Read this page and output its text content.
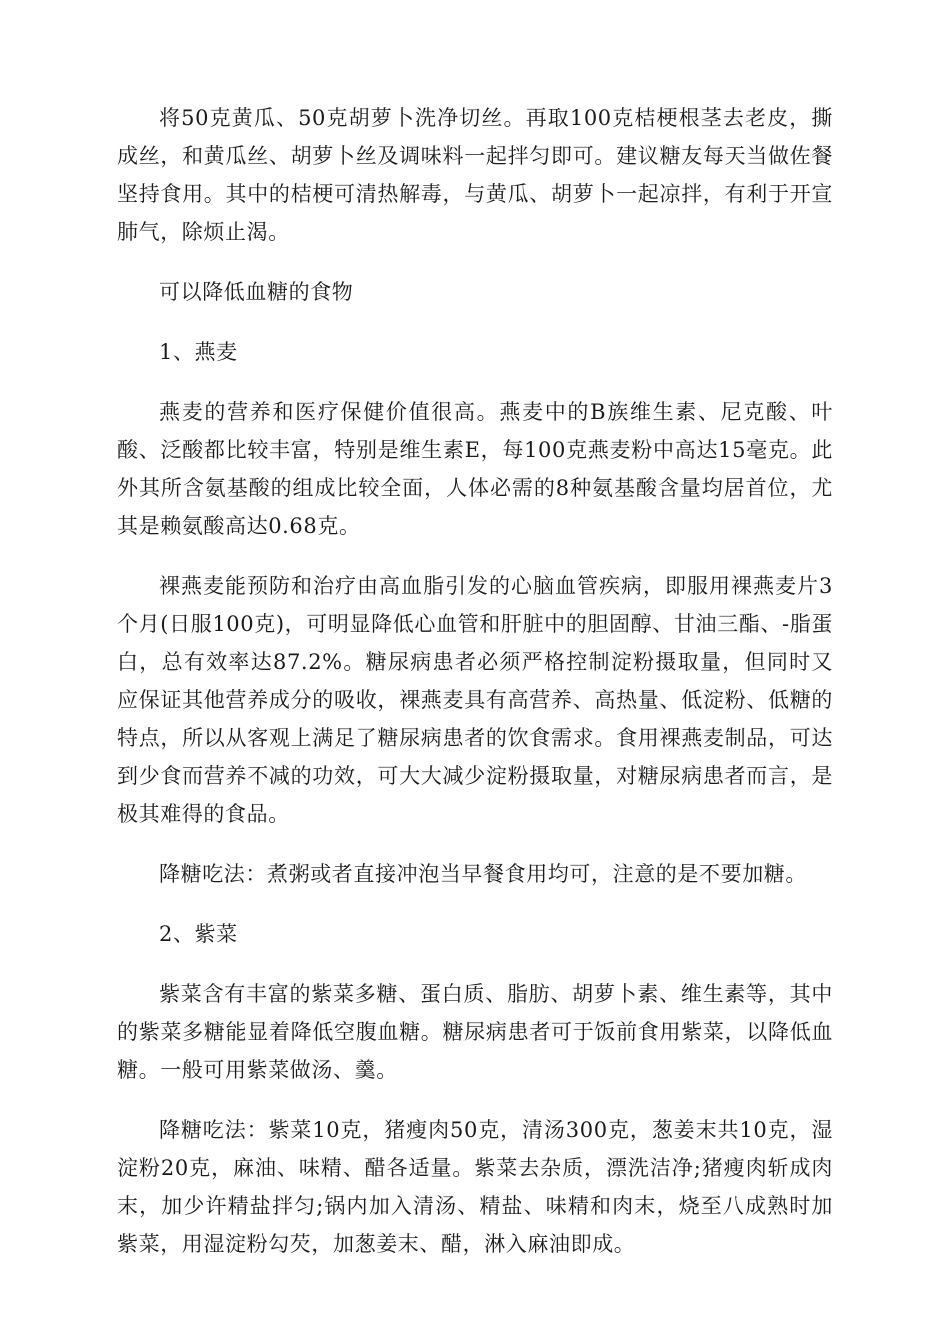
将50克黄瓜、50克胡萝卜洗净切丝。再取100克桔梗根茎去老皮，撕成丝，和黄瓜丝、胡萝卜丝及调味料一起拌匀即可。建议糖友每天当做佐餐坚持食用。其中的桔梗可清热解毒，与黄瓜、胡萝卜一起凉拌，有利于开宣肺气，除烦止渴。

可以降低血糖的食物

1、燕麦

燕麦的营养和医疗保健价值很高。燕麦中的B族维生素、尼克酸、叶酸、泛酸都比较丰富，特别是维生素E，每100克燕麦粉中高达15毫克。此外其所含氨基酸的组成比较全面，人体必需的8种氨基酸含量均居首位，尤其是赖氨酸高达0.68克。

裸燕麦能预防和治疗由高血脂引发的心脑血管疾病，即服用裸燕麦片3个月(日服100克)，可明显降低心血管和肝脏中的胆固醇、甘油三酯、-脂蛋白，总有效率达87.2%。糖尿病患者必须严格控制淀粉摄取量，但同时又应保证其他营养成分的吸收，裸燕麦具有高营养、高热量、低淀粉、低糖的特点，所以从客观上满足了糖尿病患者的饮食需求。食用裸燕麦制品，可达到少食而营养不减的功效，可大大减少淀粉摄取量，对糖尿病患者而言，是极其难得的食品。

降糖吃法：煮粥或者直接冲泡当早餐食用均可，注意的是不要加糖。

2、紫菜

紫菜含有丰富的紫菜多糖、蛋白质、脂肪、胡萝卜素、维生素等，其中的紫菜多糖能显着降低空腹血糖。糖尿病患者可于饭前食用紫菜，以降低血糖。一般可用紫菜做汤、羹。

降糖吃法：紫菜10克，猪瘦肉50克，清汤300克，葱姜末共10克，湿淀粉20克，麻油、味精、醋各适量。紫菜去杂质，漂洗洁净;猪瘦肉斩成肉末，加少许精盐拌匀;锅内加入清汤、精盐、味精和肉末，烧至八成熟时加紫菜，用湿淀粉勾芡，加葱姜末、醋，淋入麻油即成。
